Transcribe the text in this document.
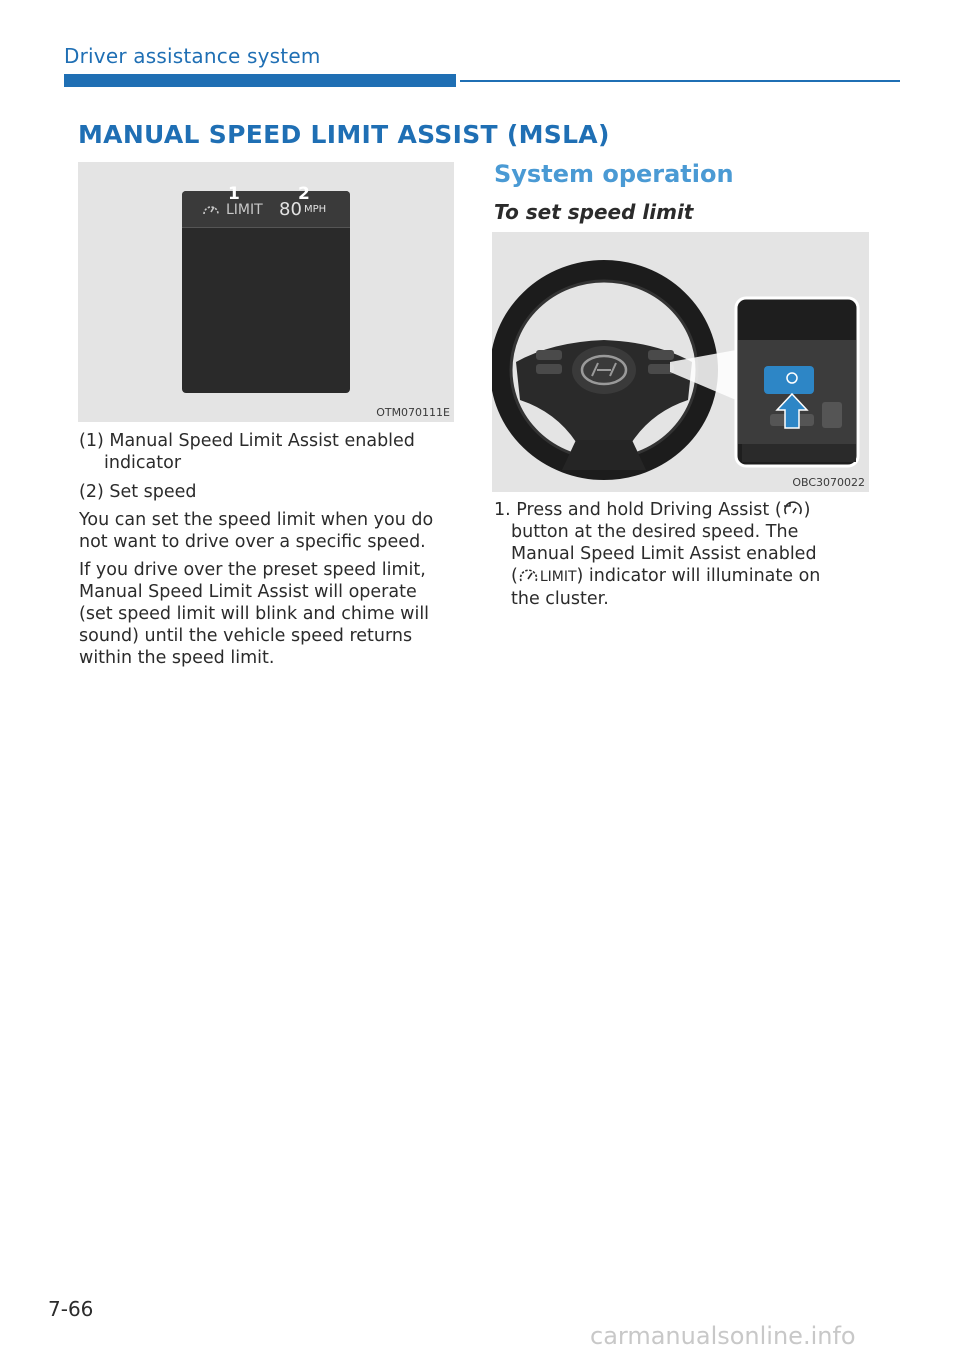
Driver assistance system
MANUAL SPEED LIMIT ASSIST (MSLA)
LIMIT 80 MPH
1	2
OTM070111E
(1) Manual Speed Limit Assist enabled
indicator
(2) Set speed
You can set the speed limit when you do
not want to drive over a specific speed.
If you drive over the preset speed limit,
Manual Speed Limit Assist will operate
(set speed limit will blink and chime will
sound) until the vehicle speed returns
within the speed limit.
System operation
To set speed limit
OBC3070022
1. Press and hold Driving Assist ( )
button at the desired speed. The
Manual Speed Limit Assist enabled
( LIMIT) indicator will illuminate on
the cluster.
7-66
carmanualsonline.info
